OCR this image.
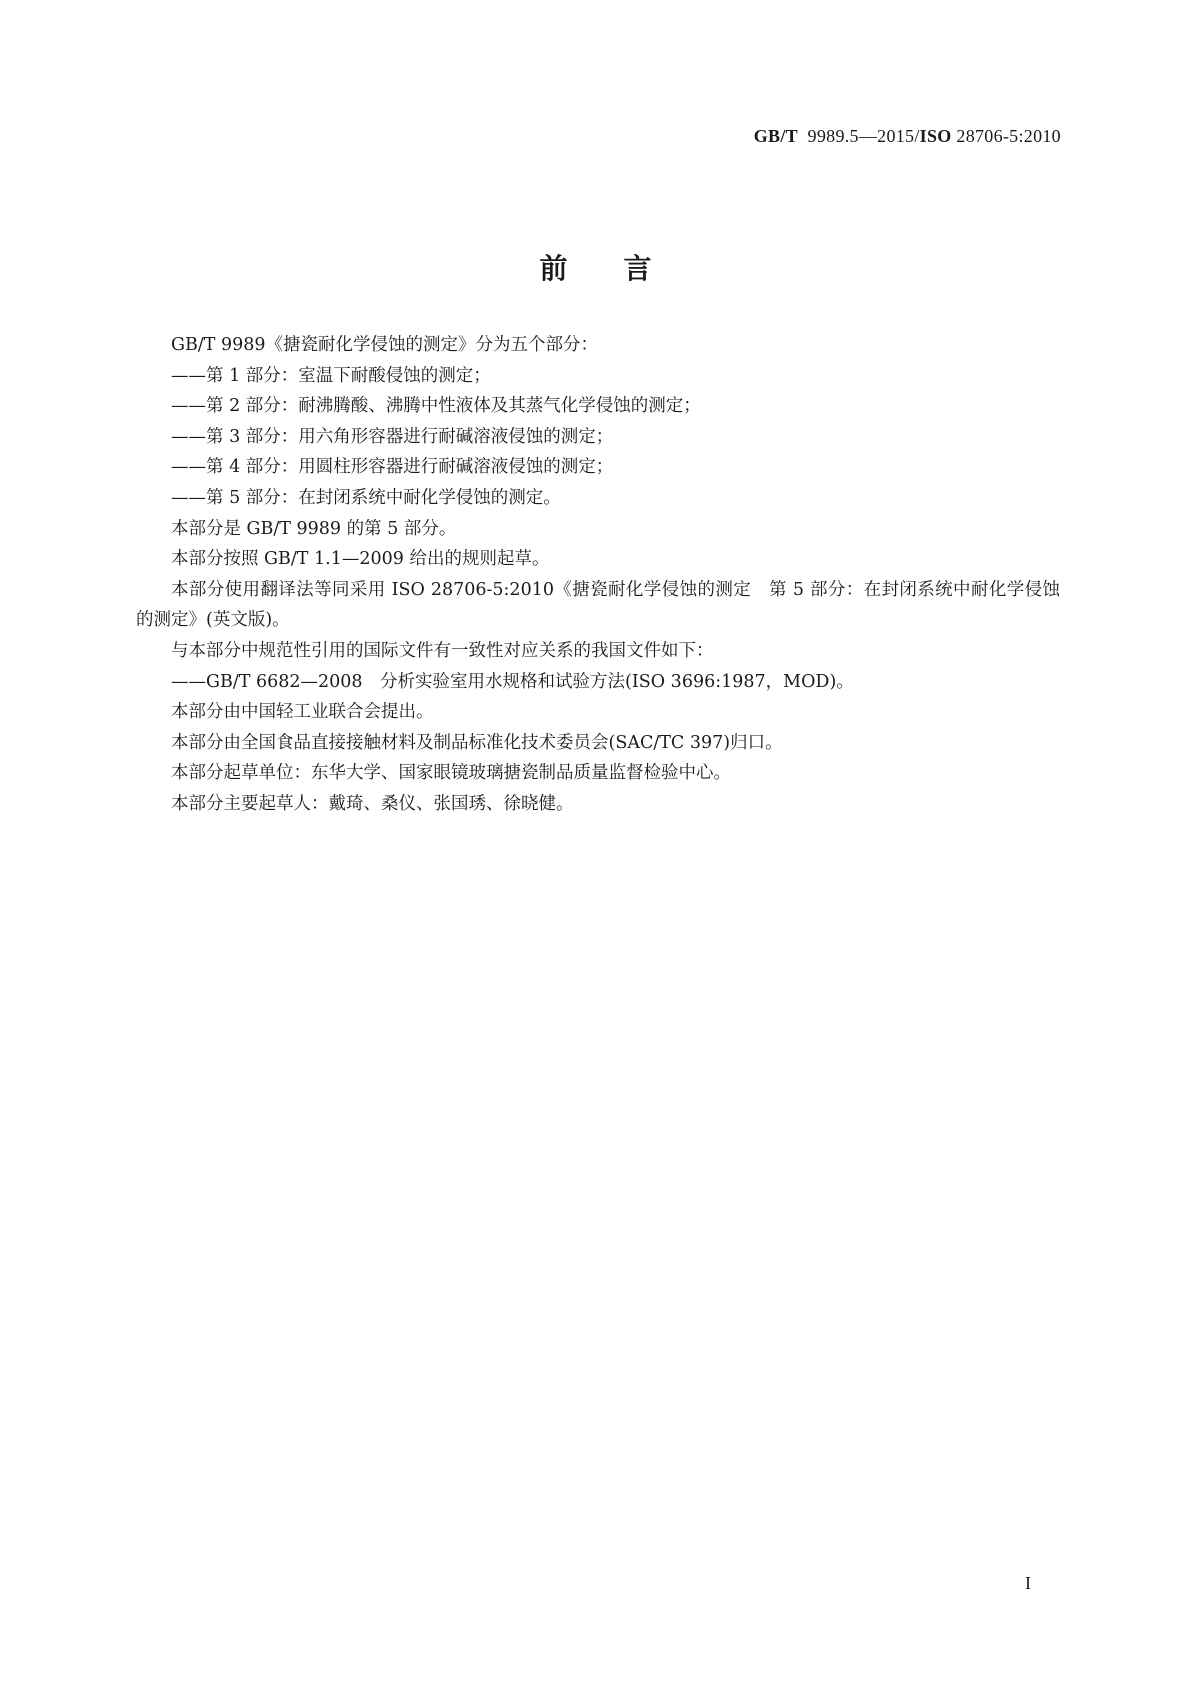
GB/T 9989.5—2015/ISO 28706-5:2010
前言

GB/T 9989《搪瓷耐化学侵蚀的测定》分为五个部分：

——第 1 部分：室温下耐酸侵蚀的测定；

——第 2 部分：耐沸腾酸、沸腾中性液体及其蒸气化学侵蚀的测定；

——第 3 部分：用六角形容器进行耐碱溶液侵蚀的测定；

——第 4 部分：用圆柱形容器进行耐碱溶液侵蚀的测定；

——第 5 部分：在封闭系统中耐化学侵蚀的测定。

本部分是 GB/T 9989 的第 5 部分。

本部分按照 GB/T 1.1—2009 给出的规则起草。

本部分使用翻译法等同采用 ISO 28706-5:2010《搪瓷耐化学侵蚀的测定　第 5 部分：在封闭系统中耐化学侵蚀的测定》(英文版)。

与本部分中规范性引用的国际文件有一致性对应关系的我国文件如下：

——GB/T 6682—2008　分析实验室用水规格和试验方法(ISO 3696:1987，MOD)。

本部分由中国轻工业联合会提出。

本部分由全国食品直接接触材料及制品标准化技术委员会(SAC/TC 397)归口。

本部分起草单位：东华大学、国家眼镜玻璃搪瓷制品质量监督检验中心。

本部分主要起草人：戴琦、桑仪、张国琇、徐晓健。

I
